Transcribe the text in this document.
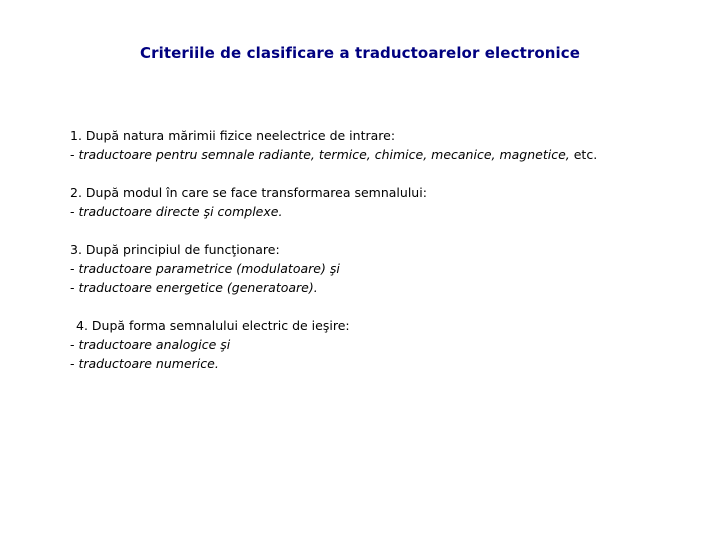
Criteriile de clasificare a traductoarelor electronice
1. După natura mărimii fizice neelectrice de intrare:
- traductoare pentru semnale radiante, termice, chimice, mecanice, magnetice, etc.
2. După modul în care se face transformarea semnalului:
- traductoare directe şi complexe.
3. După principiul de funcţionare:
- traductoare parametrice (modulatoare) şi
- traductoare energetice (generatoare).
4. După forma semnalului electric de ieşire:
- traductoare analogice şi
- traductoare numerice.
